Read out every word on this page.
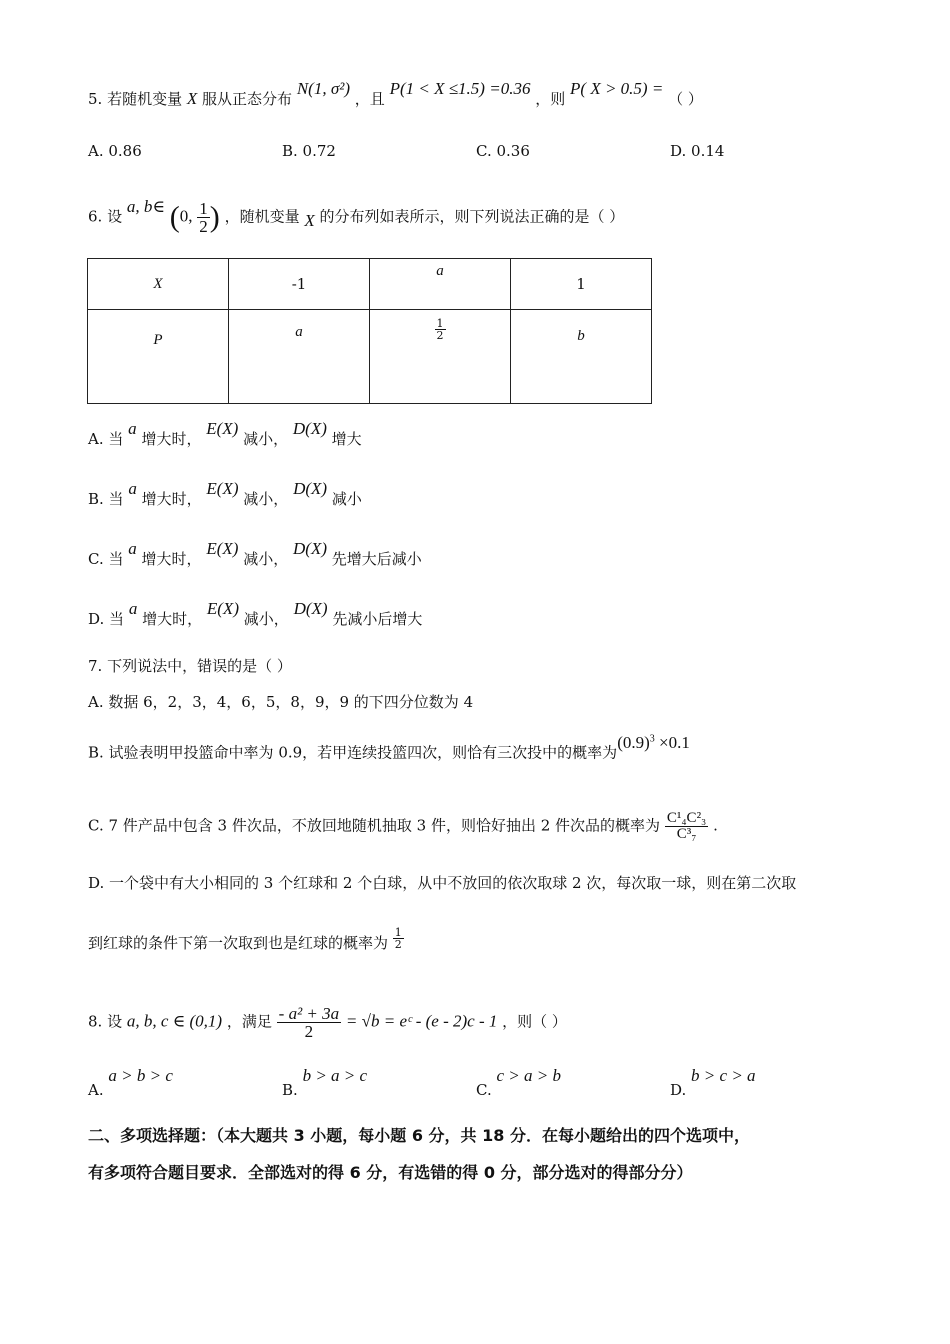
5. 若随机变量 X 服从正态分布 N(1, σ²) ，且 P(1 < X ≤1.5) =0.36 ，则 P( X > 0.5) = （ ）
A. 0.86	B. 0.72	C. 0.36	D. 0.14
6. 设 a, b∈ (0, $\frac{1}{2}$ ) ，随机变量 X 的分布列如表所示，则下列说法正确的是（ ）
X	-1	a	1
P	a	$\frac{1}{2}$	b
A. 当 a 增大时， E(X) 减小， D(X) 增大
B. 当 a 增大时， E(X) 减小， D(X) 减小
C. 当 a 增大时， E(X) 减小， D(X) 先增大后减小
D. 当 a 增大时， E(X) 减小， D(X) 先减小后增大
7. 下列说法中，错误的是（ ）
A. 数据 6，2，3，4，6，5，8，9，9 的下四分位数为 4
B. 试验表明甲投篮命中率为 0.9，若甲连续投篮四次，则恰有三次投中的概率为$(0.9)^3 \times 0.1$
C. 7 件产品中包含 3 件次品，不放回地随机抽取 3 件，则恰好抽出 2 件次品的概率为 $\frac{\text{C¹₄C²₃}}{\text{C³₇}}$ .
D. 一个袋中有大小相同的 3 个红球和 2 个白球，从中不放回的依次取球 2 次，每次取一球，则在第二次取
到红球的条件下第一次取到也是红球的概率为 $\frac{1}{2}$
8. 设 a, b, c ∈ (0,1) ，满足 $\frac{\text{- a² + 3a}}{2} = √b$ = eᶜ - (e - 2)c - 1 ，则（ ）
A. a > b > c
B. b > a > c
C. c > a > b
D. b > c > a
二、多项选择题：（本大题共 3 小题，每小题 6 分，共 18 分．在每小题给出的四个选项中，
有多项符合题目要求．全部选对的得 6 分，有选错的得 0 分，部分选对的得部分分）
